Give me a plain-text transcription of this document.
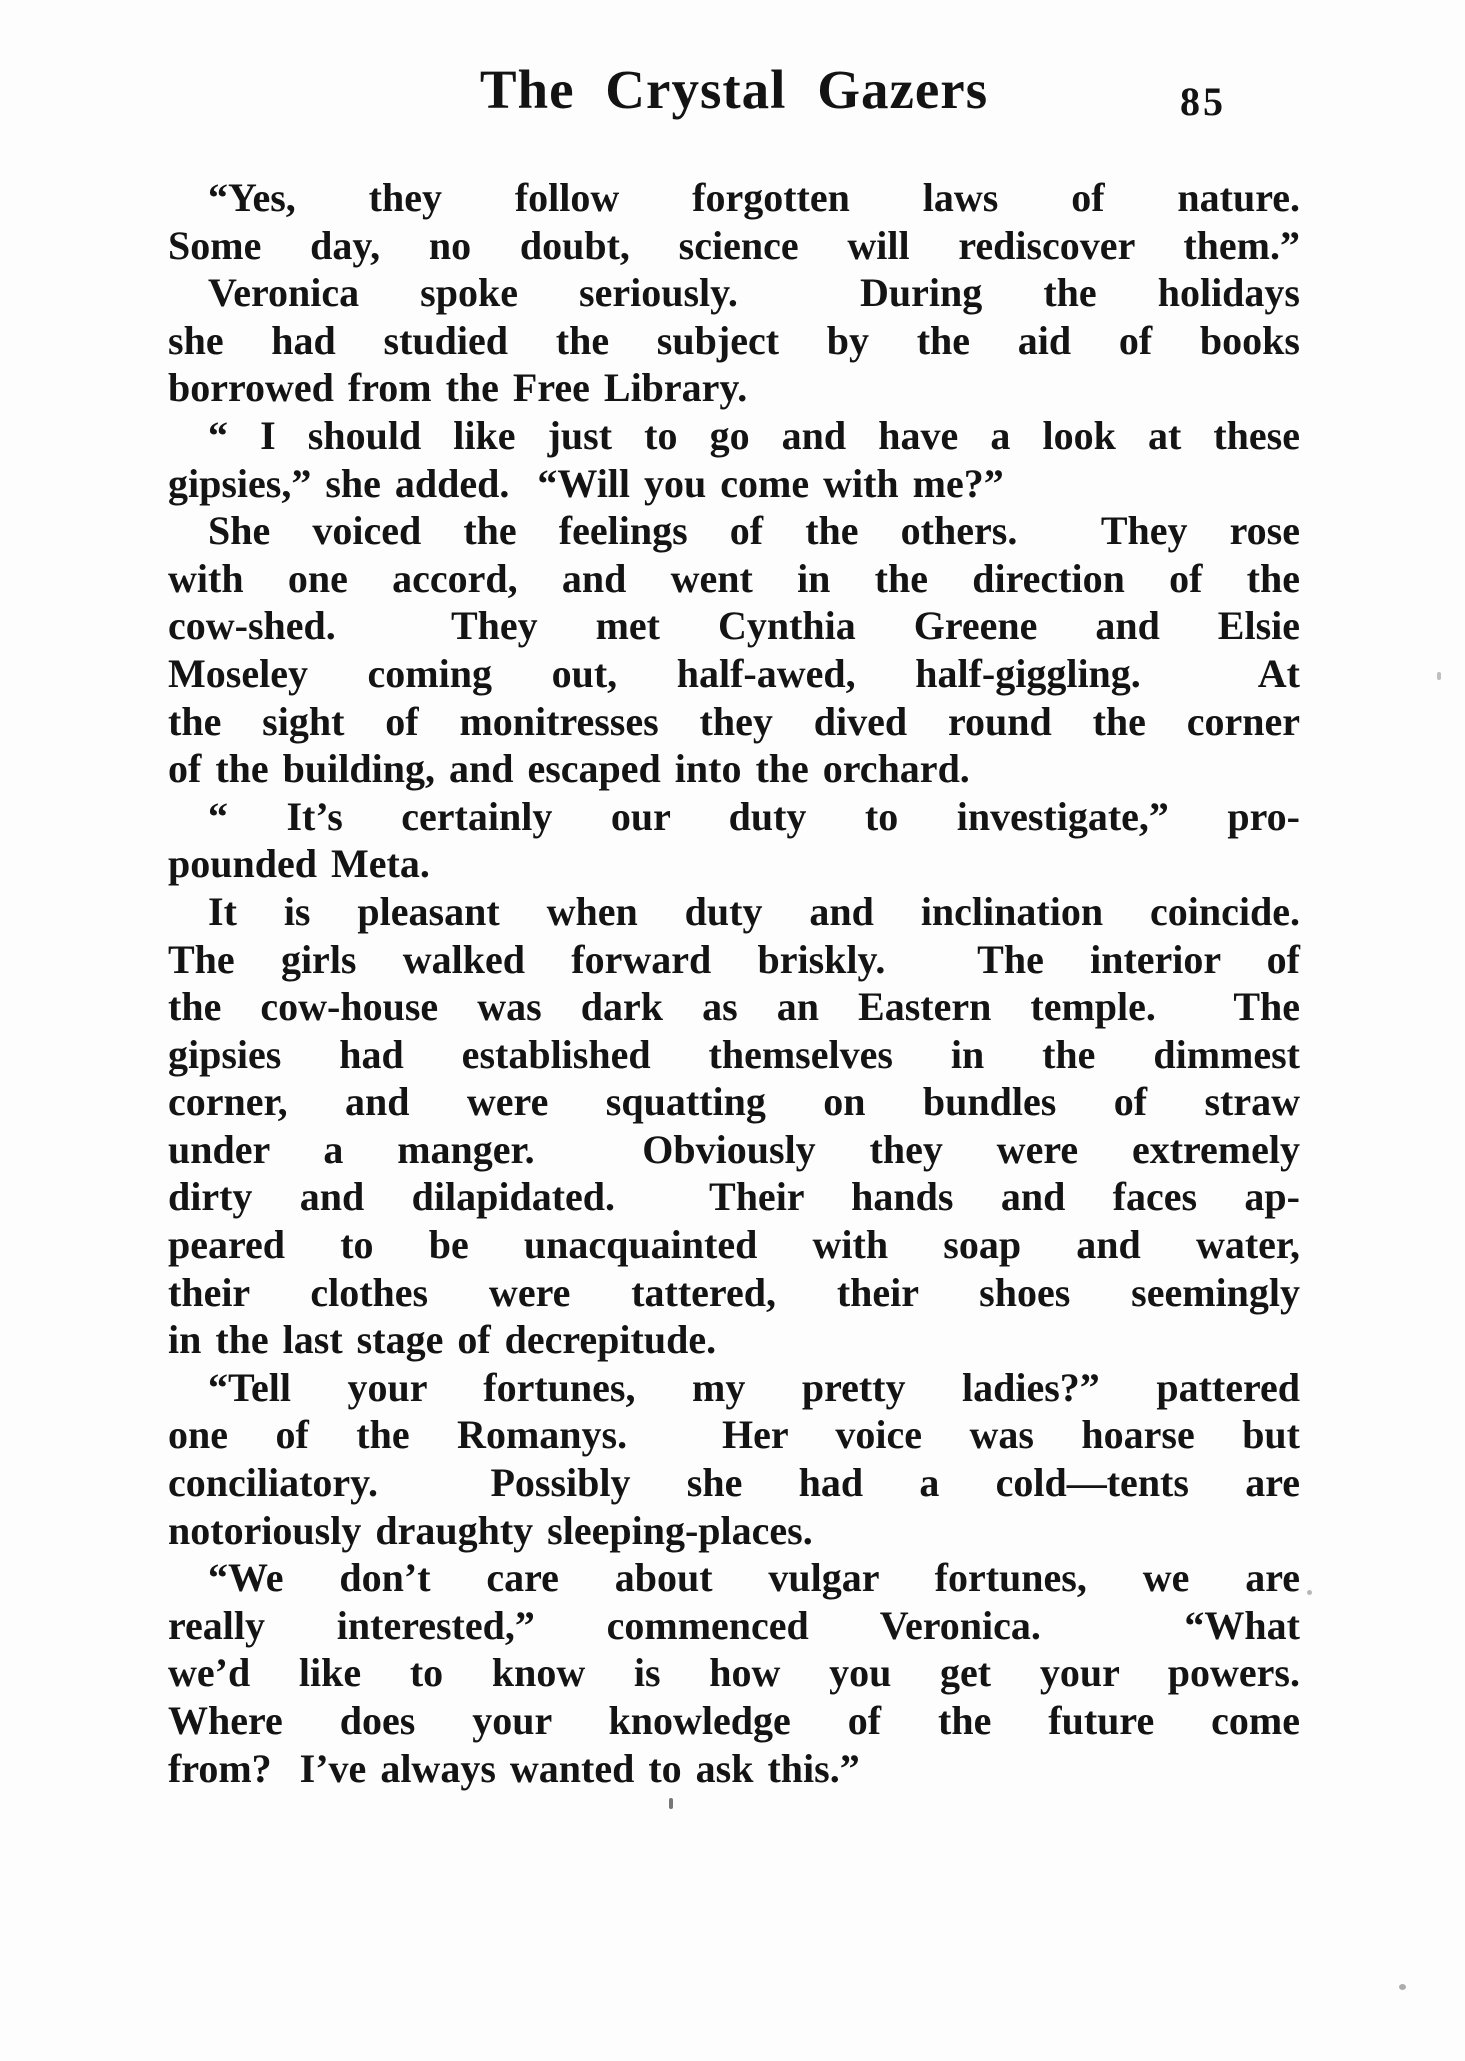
The Crystal Gazers	85
“Yes, they follow forgotten laws of nature.
Some day, no doubt, science will rediscover them.”
Veronica spoke seriously.  During the holidays
she had studied the subject by the aid of books
borrowed from the Free Library.
“ I should like just to go and have a look at these
gipsies,” she added.  “Will you come with me?”
She voiced the feelings of the others.  They rose
with one accord, and went in the direction of the
cow-shed.  They met Cynthia Greene and Elsie
Moseley coming out, half-awed, half-giggling.  At
the sight of monitresses they dived round the corner
of the building, and escaped into the orchard.
“ It’s certainly our duty to investigate,” pro-
pounded Meta.
It is pleasant when duty and inclination coincide.
The girls walked forward briskly.  The interior of
the cow-house was dark as an Eastern temple.  The
gipsies had established themselves in the dimmest
corner, and were squatting on bundles of straw
under a manger.  Obviously they were extremely
dirty and dilapidated.  Their hands and faces ap-
peared to be unacquainted with soap and water,
their clothes were tattered, their shoes seemingly
in the last stage of decrepitude.
“Tell your fortunes, my pretty ladies?” pattered
one of the Romanys.  Her voice was hoarse but
conciliatory.  Possibly she had a cold—tents are
notoriously draughty sleeping-places.
“We don’t care about vulgar fortunes, we are
really interested,” commenced Veronica.  “What
we’d like to know is how you get your powers.
Where does your knowledge of the future come
from?  I’ve always wanted to ask this.”
